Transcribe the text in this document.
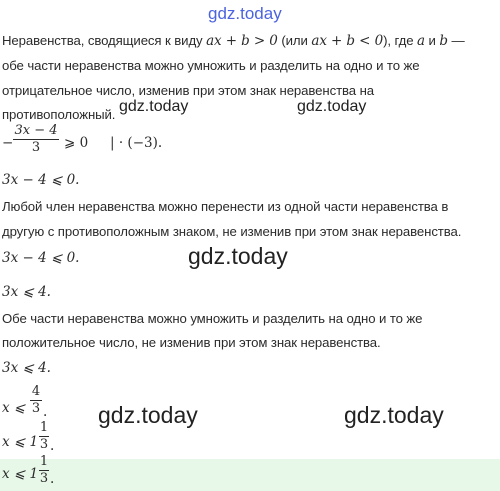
gdz.today
Неравенства, сводящиеся к виду ax + b > 0 (или ax + b < 0), где a и b —
обе части неравенства можно умножить и разделить на одно и то же
отрицательное число, изменив при этом знак неравенства на
противоположный. gdz.today	gdz.today
−
3x − 4
3	⩾ 0 | · (−3).
3x − 4 ⩽ 0.
Любой член неравенства можно перенести из одной части неравенства в
другую с противоположным знаком, не изменив при этом знак неравенства.
3x − 4 ⩽ 0.	gdz.today
3x ⩽ 4.
Обе части неравенства можно умножить и разделить на одно и то же
положительное число, не изменив при этом знак неравенства.
3x ⩽ 4.
x ⩽
4
3 . gdz.today	gdz.today
x ⩽ 1
1
3 .
x ⩽ 1
1
3 .
